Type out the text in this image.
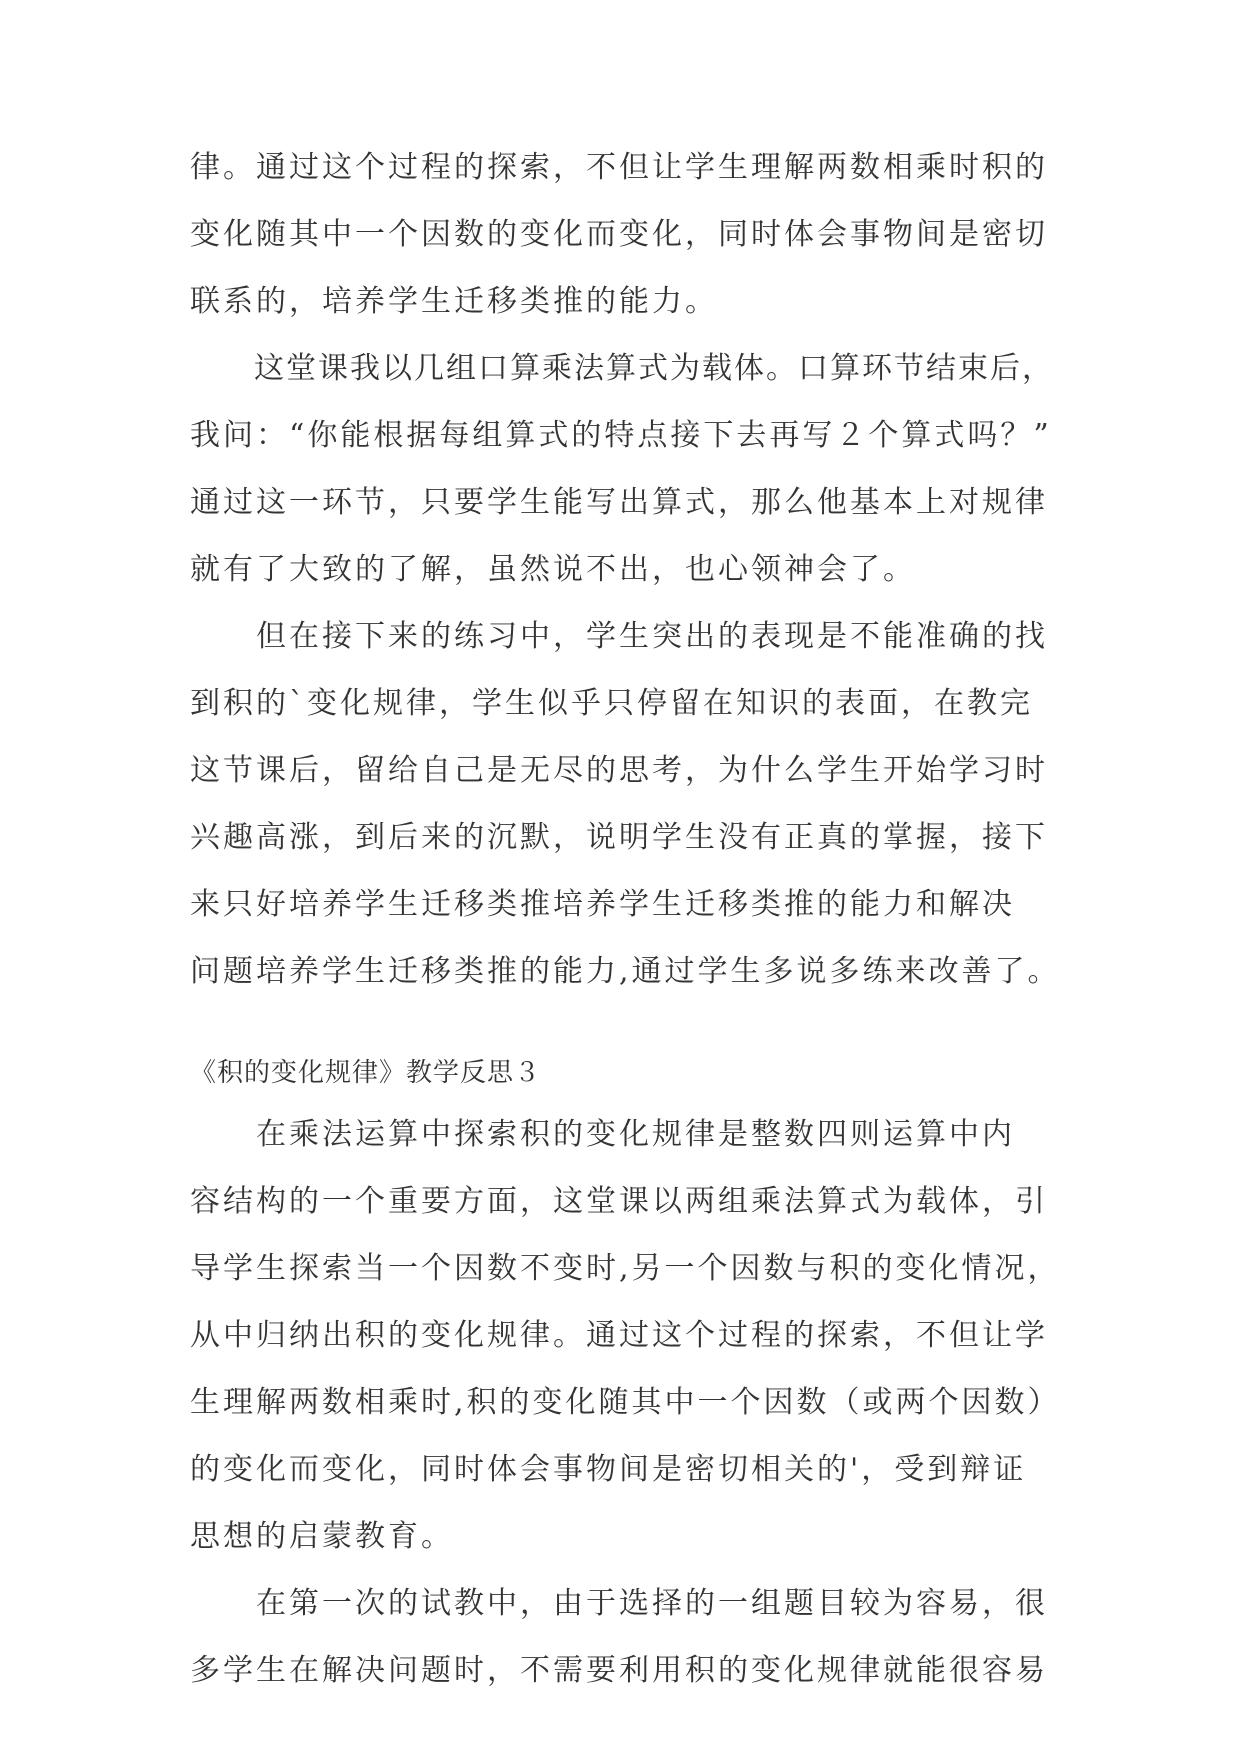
律。通过这个过程的探索，不但让学生理解两数相乘时积的
变化随其中一个因数的变化而变化，同时体会事物间是密切
联系的，培养学生迁移类推的能力。
　　这堂课我以几组口算乘法算式为载体。口算环节结束后，
我问：“你能根据每组算式的特点接下去再写２个算式吗？”
通过这一环节，只要学生能写出算式，那么他基本上对规律
就有了大致的了解，虽然说不出，也心领神会了。
　　但在接下来的练习中，学生突出的表现是不能准确的找
到积的`变化规律，学生似乎只停留在知识的表面，在教完
这节课后，留给自己是无尽的思考，为什么学生开始学习时
兴趣高涨，到后来的沉默，说明学生没有正真的掌握，接下
来只好培养学生迁移类推培养学生迁移类推的能力和解决
问题培养学生迁移类推的能力,通过学生多说多练来改善了。
《积的变化规律》教学反思３
　　在乘法运算中探索积的变化规律是整数四则运算中内
容结构的一个重要方面，这堂课以两组乘法算式为载体，引
导学生探索当一个因数不变时,另一个因数与积的变化情况，
从中归纳出积的变化规律。通过这个过程的探索，不但让学
生理解两数相乘时,积的变化随其中一个因数（或两个因数）
的变化而变化，同时体会事物间是密切相关的'，受到辩证
思想的启蒙教育。
　　在第一次的试教中，由于选择的一组题目较为容易，很
多学生在解决问题时，不需要利用积的变化规律就能很容易
